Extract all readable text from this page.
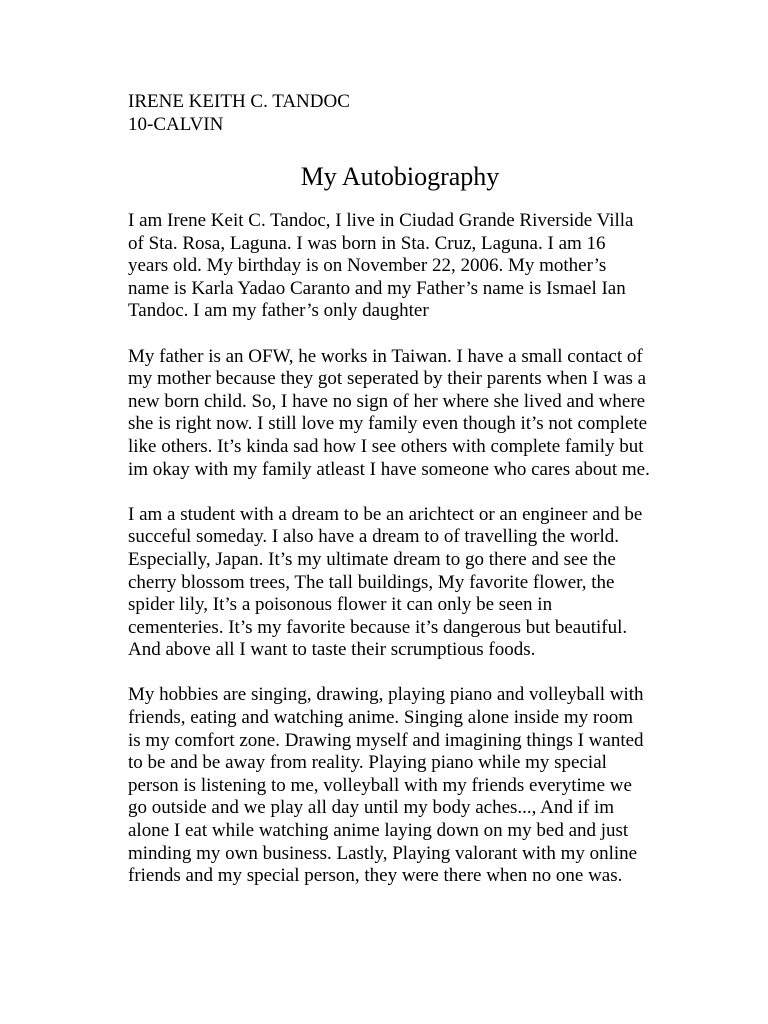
IRENE KEITH C. TANDOC
10-CALVIN
My Autobiography
I am Irene Keit C. Tandoc, I live in Ciudad Grande Riverside Villa
of Sta. Rosa, Laguna. I was born in Sta. Cruz, Laguna. I am 16
years old. My birthday is on November 22, 2006. My mother’s
name is Karla Yadao Caranto and my Father’s name is Ismael Ian
Tandoc. I am my father’s only daughter
My father is an OFW, he works in Taiwan. I have a small contact of
my mother because they got seperated by their parents when I was a
new born child. So, I have no sign of her where she lived and where
she is right now. I still love my family even though it’s not complete
like others. It’s kinda sad how I see others with complete family but
im okay with my family atleast I have someone who cares about me.
I am a student with a dream to be an arichtect or an engineer and be
succeful someday. I also have a dream to of travelling the world.
Especially, Japan. It’s my ultimate dream to go there and see the
cherry blossom trees, The tall buildings, My favorite flower, the
spider lily, It’s a poisonous flower it can only be seen in
cementeries. It’s my favorite because it’s dangerous but beautiful.
And above all I want to taste their scrumptious foods.
My hobbies are singing, drawing, playing piano and volleyball with
friends, eating and watching anime. Singing alone inside my room
is my comfort zone. Drawing myself and imagining things I wanted
to be and be away from reality. Playing piano while my special
person is listening to me, volleyball with my friends everytime we
go outside and we play all day until my body aches..., And if im
alone I eat while watching anime laying down on my bed and just
minding my own business. Lastly, Playing valorant with my online
friends and my special person, they were there when no one was.
